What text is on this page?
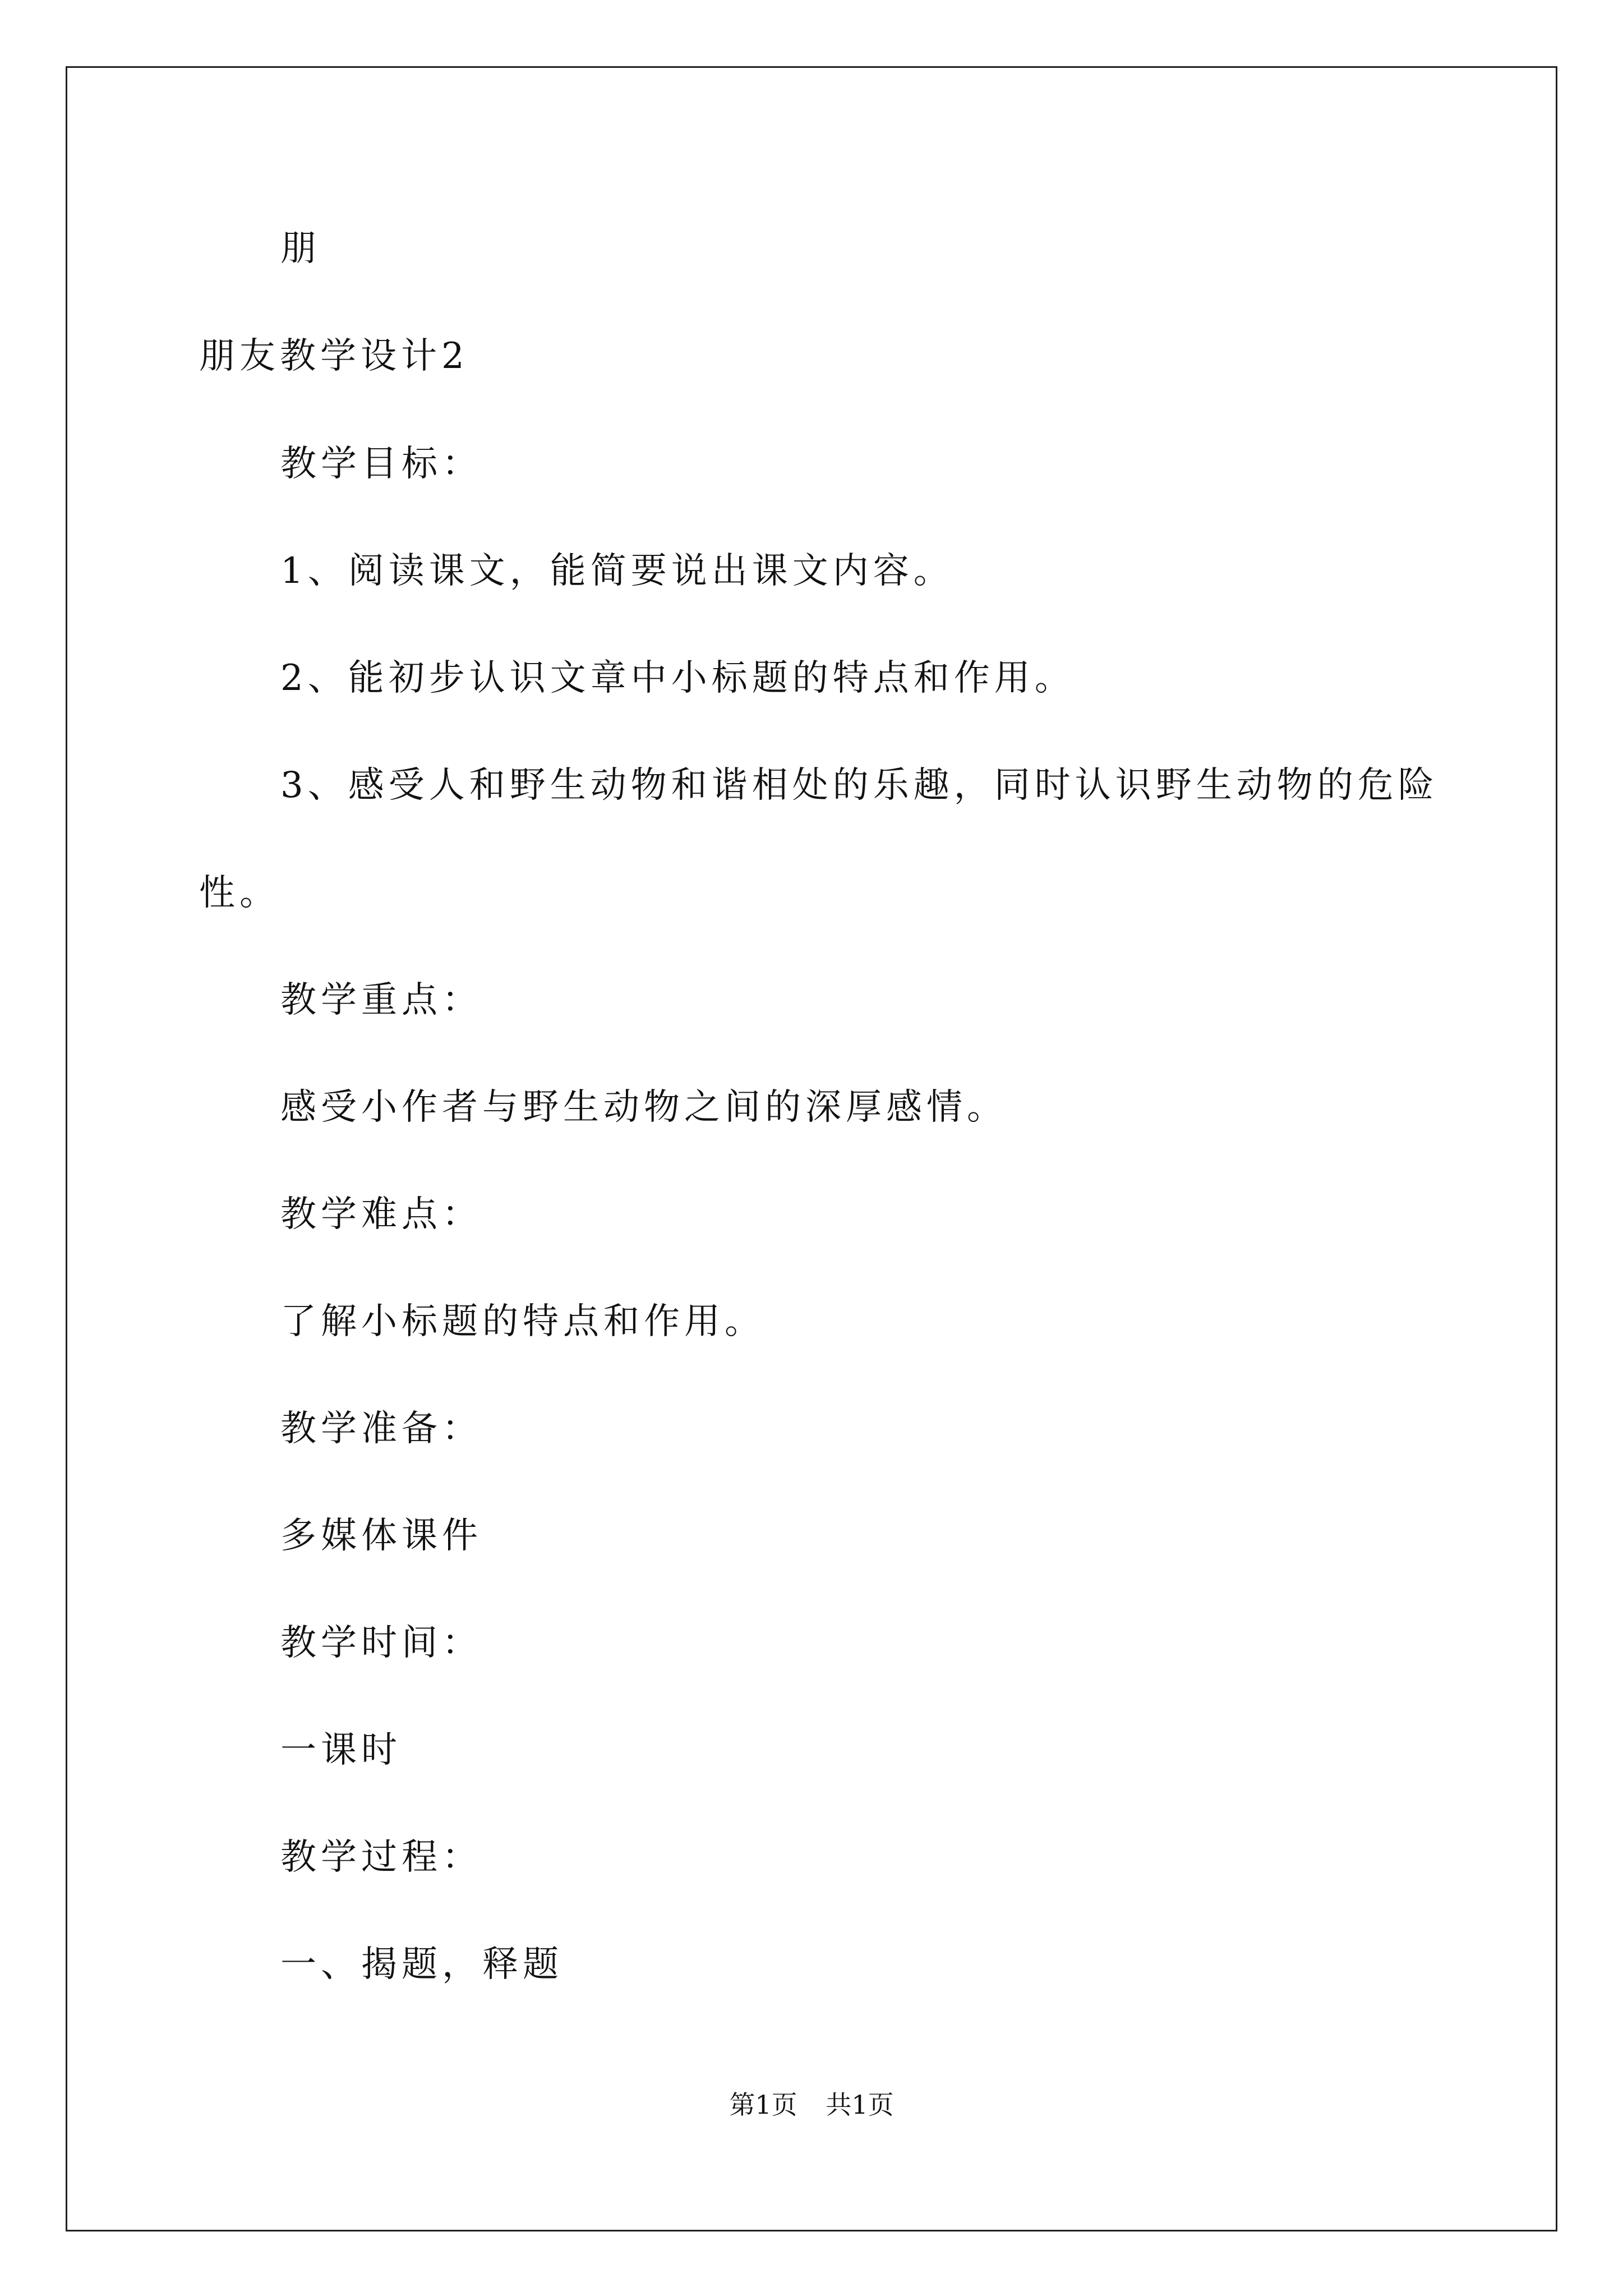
朋
朋友教学设计2
教学目标：
1、阅读课文，能简要说出课文内容。
2、能初步认识文章中小标题的特点和作用。
3、感受人和野生动物和谐相处的乐趣，同时认识野生动物的危险
性。
教学重点：
感受小作者与野生动物之间的深厚感情。
教学难点：
了解小标题的特点和作用。
教学准备：
多媒体课件
教学时间：
一课时
教学过程：
一、揭题，释题
第1页 共1页
